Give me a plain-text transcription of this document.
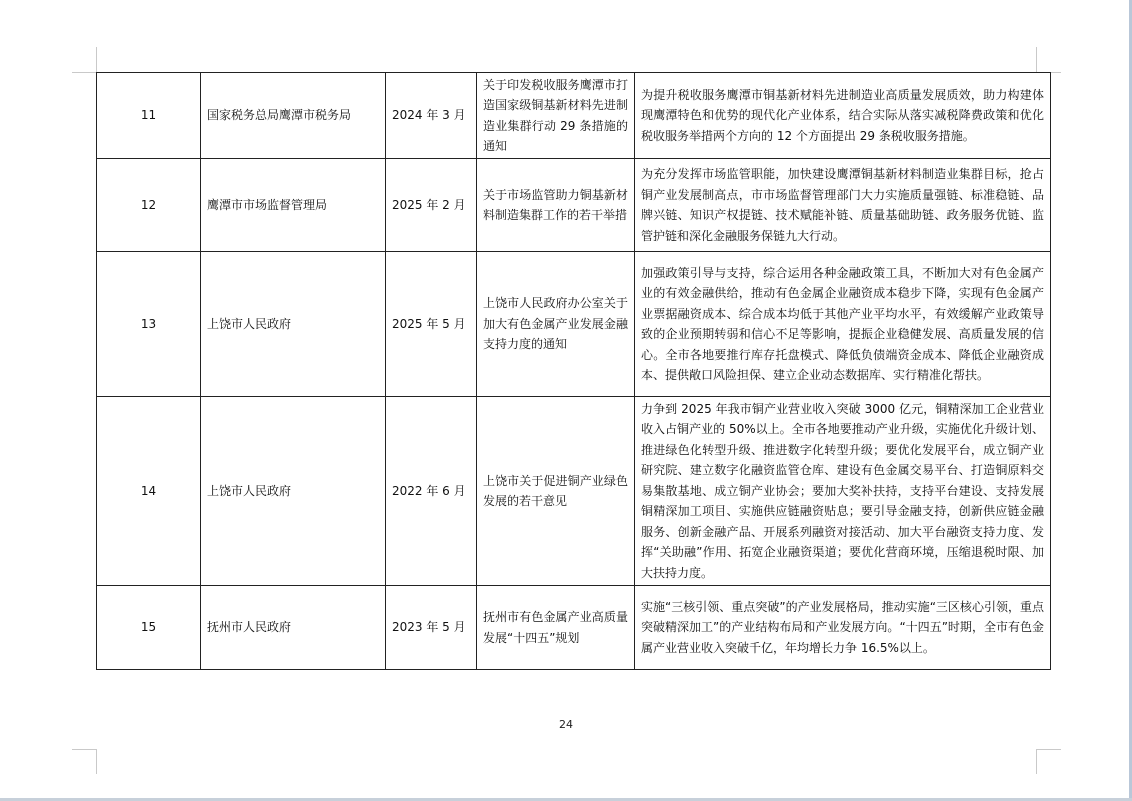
11	国家税务总局鹰潭市税务局	2024 年 3 月	关于印发税收服务鹰潭市打造国家级铜基新材料先进制造业集群行动 29 条措施的通知	为提升税收服务鹰潭市铜基新材料先进制造业高质量发展质效，助力构建体现鹰潭特色和优势的现代化产业体系，结合实际从落实减税降费政策和优化税收服务举措两个方向的 12 个方面提出 29 条税收服务措施。
12	鹰潭市市场监督管理局	2025 年 2 月	关于市场监管助力铜基新材料制造集群工作的若干举措	为充分发挥市场监管职能，加快建设鹰潭铜基新材料制造业集群目标，抢占铜产业发展制高点，市市场监督管理部门大力实施质量强链、标准稳链、品牌兴链、知识产权提链、技术赋能补链、质量基础助链、政务服务优链、监管护链和深化金融服务保链九大行动。
13	上饶市人民政府	2025 年 5 月	上饶市人民政府办公室关于加大有色金属产业发展金融支持力度的通知	加强政策引导与支持，综合运用各种金融政策工具，不断加大对有色金属产业的有效金融供给，推动有色金属企业融资成本稳步下降，实现有色金属产业票据融资成本、综合成本均低于其他产业平均水平，有效缓解产业政策导致的企业预期转弱和信心不足等影响，提振企业稳健发展、高质量发展的信心。全市各地要推行库存托盘模式、降低负债端资金成本、降低企业融资成本、提供敞口风险担保、建立企业动态数据库、实行精准化帮扶。
14	上饶市人民政府	2022 年 6 月	上饶市关于促进铜产业绿色发展的若干意见	力争到 2025 年我市铜产业营业收入突破 3000 亿元，铜精深加工企业营业收入占铜产业的 50%以上。全市各地要推动产业升级，实施优化升级计划、推进绿色化转型升级、推进数字化转型升级；要优化发展平台，成立铜产业研究院、建立数字化融资监管仓库、建设有色金属交易平台、打造铜原料交易集散基地、成立铜产业协会；要加大奖补扶持，支持平台建设、支持发展铜精深加工项目、实施供应链融资贴息；要引导金融支持，创新供应链金融服务、创新金融产品、开展系列融资对接活动、加大平台融资支持力度、发挥“关助融”作用、拓宽企业融资渠道；要优化营商环境，压缩退税时限、加大扶持力度。
15	抚州市人民政府	2023 年 5 月	抚州市有色金属产业高质量发展“十四五”规划	实施“三核引领、重点突破”的产业发展格局，推动实施“三区核心引领，重点突破精深加工”的产业结构布局和产业发展方向。“十四五”时期，全市有色金属产业营业收入突破千亿，年均增长力争 16.5%以上。
24
